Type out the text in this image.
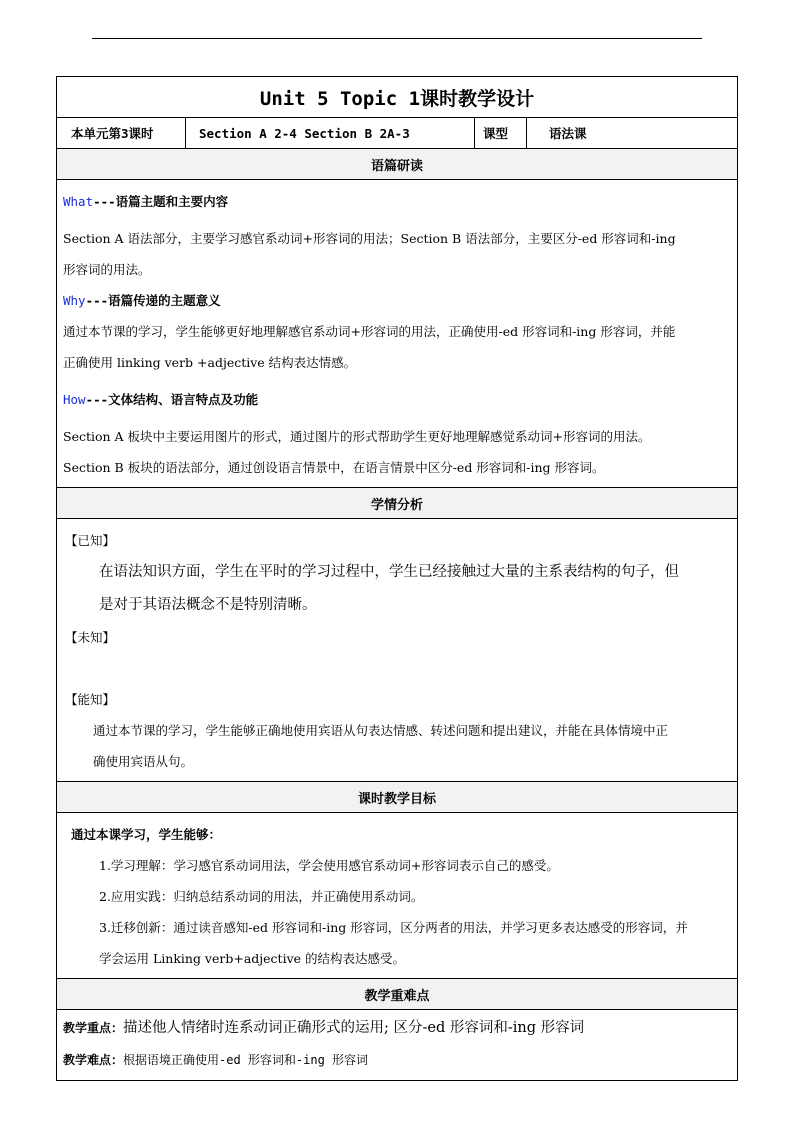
Unit 5 Topic 1课时教学设计
本单元第3课时	Section A 2-4 Section B 2A-3	课型	语法课
语篇研读
What---语篇主题和主要内容
Section A 语法部分，主要学习感官系动词+形容词的用法；Section B 语法部分，主要区分-ed 形容词和-ing
形容词的用法。
Why---语篇传递的主题意义
通过本节课的学习，学生能够更好地理解感官系动词+形容词的用法，正确使用-ed 形容词和-ing 形容词，并能
正确使用 linking verb +adjective 结构表达情感。
How---文体结构、语言特点及功能
Section A 板块中主要运用图片的形式，通过图片的形式帮助学生更好地理解感觉系动词+形容词的用法。
Section B 板块的语法部分，通过创设语言情景中，在语言情景中区分-ed 形容词和-ing 形容词。
学情分析
【已知】
在语法知识方面，学生在平时的学习过程中，学生已经接触过大量的主系表结构的句子，但
是对于其语法概念不是特别清晰。
【未知】
【能知】
通过本节课的学习，学生能够正确地使用宾语从句表达情感、转述问题和提出建议，并能在具体情境中正
确使用宾语从句。
课时教学目标
通过本课学习，学生能够：
1.学习理解：学习感官系动词用法，学会使用感官系动词+形容词表示自己的感受。
2.应用实践：归纳总结系动词的用法，并正确使用系动词。
3.迁移创新：通过读音感知-ed 形容词和-ing 形容词，区分两者的用法，并学习更多表达感受的形容词，并
学会运用 Linking verb+adjective 的结构表达感受。
教学重难点
教学重点：描述他人情绪时连系动词正确形式的运用; 区分-ed 形容词和-ing 形容词
教学难点：根据语境正确使用-ed 形容词和-ing 形容词
